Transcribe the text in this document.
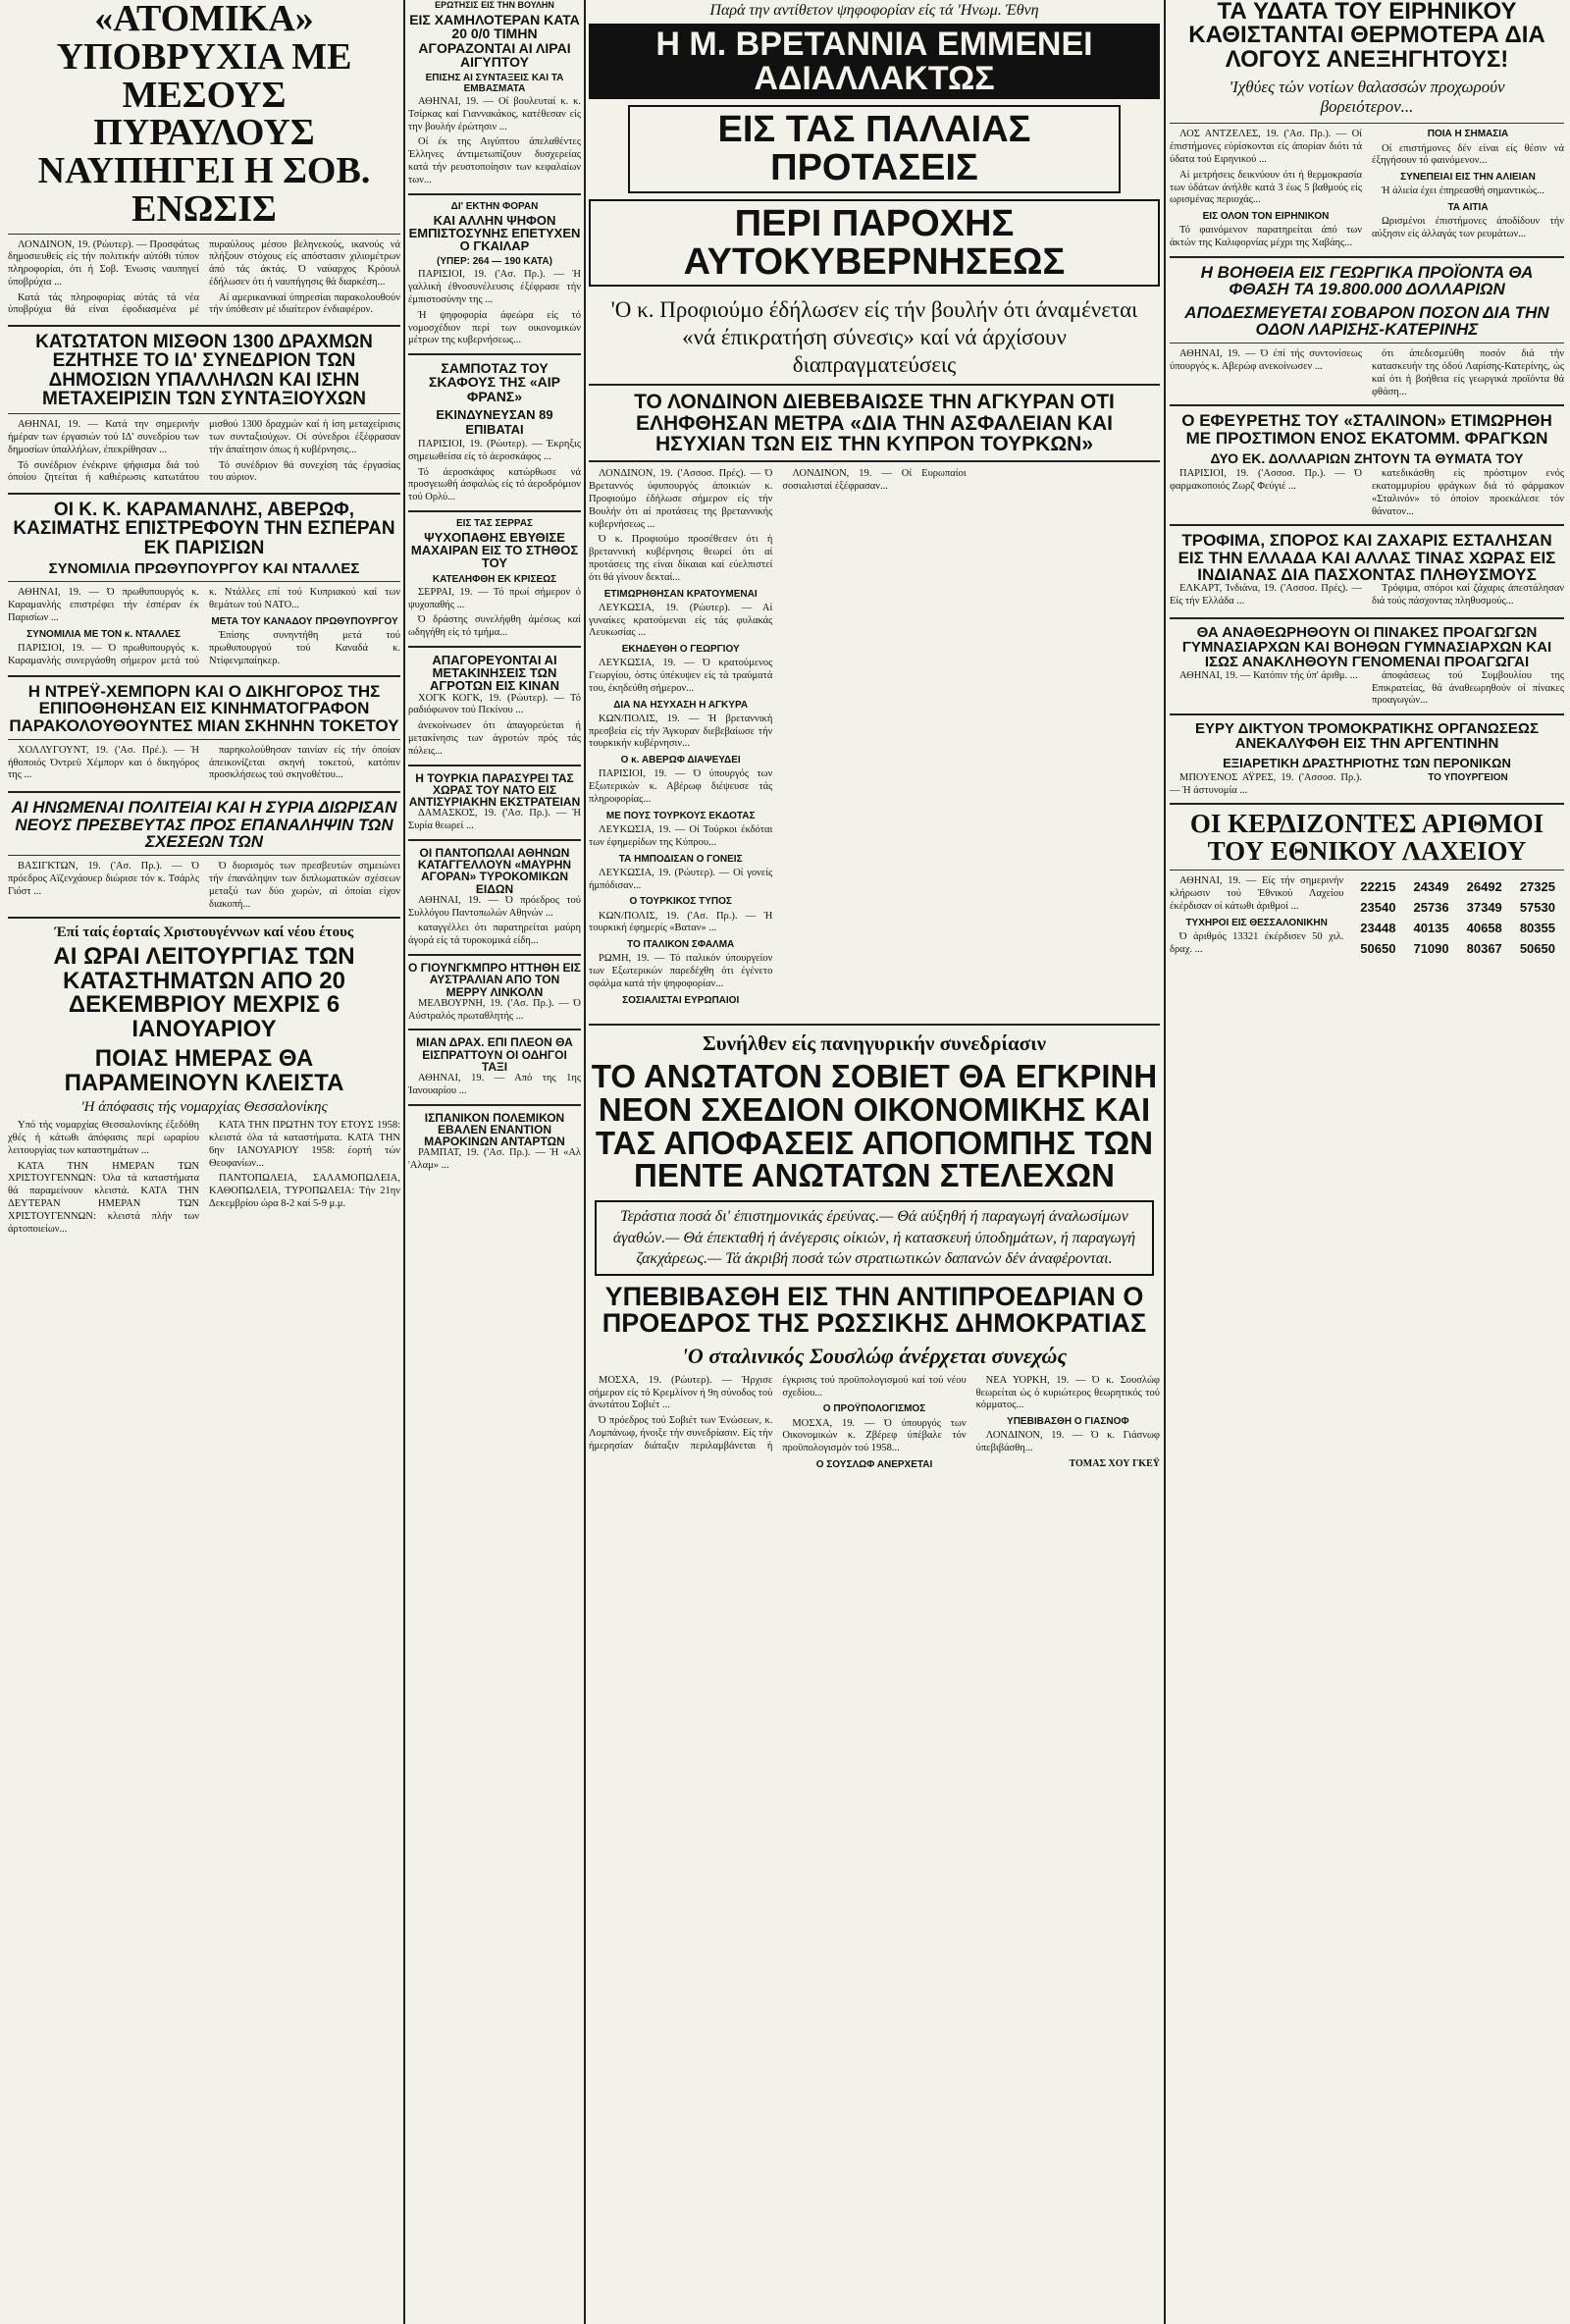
«ΑΤΟΜΙΚΑ» ΥΠΟΒΡΥΧΙΑ ΜΕ ΜΕΣΟΥΣ ΠΥΡΑΥΛΟΥΣ ΝΑΥΠΗΓΕΙ Η ΣΟΒ. ΕΝΩΣΙΣ

ΛΟΝΔΙΝΟΝ, 19. (Ρώυτερ). — Προσφάτως δημοσιευθείς είς τήν πολιτικήν αύτόθι τύπον πληροφορίαι, ότι ή Σοβ. Ένωσις ναυπηγεί ύποβρύχια ...

Κατά τάς πληροφορίας αύτάς τά νέα ύποβρύχια θά είναι έφοδιασμένα μέ πυραύλους μέσου βεληνεκούς, ικανούς νά πλήξουν στόχους είς απόστασιν χιλιομέτρων άπό τάς άκτάς. Ό ναύαρχος Κρόουλ έδήλωσεν ότι ή ναυπήγησις θά διαρκέση...

Αί αμερικανικαί ύπηρεσίαι παρακολουθούν τήν ύπόθεσιν μέ ιδιαίτερον ένδιαφέρον.

ΚΑΤΩΤΑΤΟΝ ΜΙΣΘΟΝ 1300 ΔΡΑΧΜΩΝ ΕΖΗΤΗΣΕ ΤΟ ΙΔ' ΣΥΝΕΔΡΙΟΝ ΤΩΝ ΔΗΜΟΣΙΩΝ ΥΠΑΛΛΗΛΩΝ ΚΑΙ ΙΣΗΝ ΜΕΤΑΧΕΙΡΙΣΙΝ ΤΩΝ ΣΥΝΤΑΞΙΟΥΧΩΝ

ΑΘΗΝΑΙ, 19. — Κατά την σημερινήν ήμέραν των έργασιών τού ΙΔ' συνεδρίου των δημοσίων ύπαλλήλων, έπεκρίθησαν ...

Τό συνέδριον ένέκρινε ψήφισμα διά τού όποίου ζητείται ή καθιέρωσις κατωτάτου μισθού 1300 δραχμών καί ή ίση μεταχείρισις των συνταξιούχων. Οί σύνεδροι έξέφρασαν τήν άπαίτησιν όπως ή κυβέρνησις...

Τό συνέδριον θά συνεχίση τάς έργασίας του αύριον.

ΟΙ Κ. Κ. ΚΑΡΑΜΑΝΛΗΣ, ΑΒΕΡΩΦ, ΚΑΣΙΜΑΤΗΣ ΕΠΙΣΤΡΕΦΟΥΝ ΤΗΝ ΕΣΠΕΡΑΝ ΕΚ ΠΑΡΙΣΙΩΝ
ΣΥΝΟΜΙΛΙΑ ΠΡΩΘΥΠΟΥΡΓΟΥ ΚΑΙ ΝΤΑΛΛΕΣ

ΑΘΗΝΑΙ, 19. — Ό πρωθυπουργός κ. Καραμανλής επιστρέφει τήν έσπέραν έκ Παρισίων ...

ΣΥΝΟΜΙΛΙΑ ΜΕ ΤΟΝ κ. ΝΤΑΛΛΕΣ

ΠΑΡΙΣΙΟΙ, 19. — Ό πρωθυπουργός κ. Καραμανλής συνεργάσθη σήμερον μετά τού κ. Ντάλλες επί τού Κυπριακού καί των θεμάτων τού ΝΑΤΟ...

ΜΕΤΑ ΤΟΥ ΚΑΝΑΔΟΥ ΠΡΩΘΥΠΟΥΡΓΟΥ

Έπίσης συνηντήθη μετά τού πρωθυπουργού τού Καναδά κ. Ντίφενμπαίηκερ.

Η ΝΤΡΕΫ-ΧΕΜΠΟΡΝ ΚΑΙ Ο ΔΙΚΗΓΟΡΟΣ ΤΗΣ ΕΠΙΠΟΘΗΘΗΣΑΝ ΕΙΣ ΚΙΝΗΜΑΤΟΓΡΑΦΟΝ ΠΑΡΑΚΟΛΟΥΘΟΥΝΤΕΣ ΜΙΑΝ ΣΚΗΝΗΝ ΤΟΚΕΤΟΥ

ΧΟΛΛΥΓΟΥΝΤ, 19. ('Ασ. Πρέ.). — Ή ήθοποιός Όντρεϋ Χέμπορν και ό δικηγόρος της ...

παρηκολούθησαν ταινίαν είς τήν όποίαν άπεικονίζεται σκηνή τοκετού, κατόπιν προσκλήσεως τού σκηνοθέτου...

ΑΙ ΗΝΩΜΕΝΑΙ ΠΟΛΙΤΕΙΑΙ ΚΑΙ Η ΣΥΡΙΑ ΔΙΩΡΙΣΑΝ ΝΕΟΥΣ ΠΡΕΣΒΕΥΤΑΣ ΠΡΟΣ ΕΠΑΝΑΛΗΨΙΝ ΤΩΝ ΣΧΕΣΕΩΝ ΤΩΝ

ΒΑΣΙΓΚΤΩΝ, 19. ('Ασ. Πρ.). — Ό πρόεδρος Αϊζενχάουερ διώρισε τόν κ. Τσάρλς Γιόστ ...

Ό διορισμός των πρεσβευτών σημειώνει τήν έπανάληψιν των διπλωματικών σχέσεων μεταξύ των δύο χωρών, αί όποίαι είχον διακοπή...

Έπί ταίς έορταίς Χριστουγέννων καί νέου έτους
ΑΙ ΩΡΑΙ ΛΕΙΤΟΥΡΓΙΑΣ ΤΩΝ ΚΑΤΑΣΤΗΜΑΤΩΝ ΑΠΟ 20 ΔΕΚΕΜΒΡΙΟΥ ΜΕΧΡΙΣ 6 ΙΑΝΟΥΑΡΙΟΥ
ΠΟΙΑΣ ΗΜΕΡΑΣ ΘΑ ΠΑΡΑΜΕΙΝΟΥΝ ΚΛΕΙΣΤΑ
'Η άπόφασις τής νομαρχίας Θεσσαλονίκης

Υπό τής νομαρχίας Θεσσαλονίκης έξεδόθη χθές ή κάτωθι άπόφασις περί ωραρίου λειτουργίας των καταστημάτων ...

ΚΑΤΑ ΤΗΝ ΗΜΕΡΑΝ ΤΩΝ ΧΡΙΣΤΟΥΓΕΝΝΩΝ: Όλα τά καταστήματα θά παραμείνουν κλειστά. ΚΑΤΑ ΤΗΝ ΔΕΥΤΕΡΑΝ ΗΜΕΡΑΝ ΤΩΝ ΧΡΙΣΤΟΥΓΕΝΝΩΝ: κλειστά πλήν των άρτοποιείων...

ΚΑΤΑ ΤΗΝ ΠΡΩΤΗΝ ΤΟΥ ΕΤΟΥΣ 1958: κλειστά όλα τά καταστήματα. ΚΑΤΑ ΤΗΝ 6ην ΙΑΝΟΥΑΡΙΟΥ 1958: έορτή τών Θεοφανίων...

ΠΑΝΤΟΠΩΛΕΙΑ, ΣΑΛΑΜΟΠΩΛΕΙΑ, ΚΑΘΟΠΩΛΕΙΑ, ΤΥΡΟΠΩΛΕΙΑ: Τήν 21ην Δεκεμβρίου ώρα 8-2 καί 5-9 μ.μ.

ΕΡΩΤΗΣΙΣ ΕΙΣ ΤΗΝ ΒΟΥΛΗΝ
ΕΙΣ ΧΑΜΗΛΟΤΕΡΑΝ ΚΑΤΑ 20 0/0 ΤΙΜΗΝ ΑΓΟΡΑΖΟΝΤΑΙ ΑΙ ΛΙΡΑΙ ΑΙΓΥΠΤΟΥ
ΕΠΙΣΗΣ ΑΙ ΣΥΝΤΑΞΕΙΣ ΚΑΙ ΤΑ ΕΜΒΑΣΜΑΤΑ

ΑΘΗΝΑΙ, 19. — Οί βουλευταί κ. κ. Τσίρκας καί Γιαννακάκος, κατέθεσαν είς την βουλήν έρώτησιν ...

Οί έκ της Αιγύπτου άπελαθέντες Έλληνες άντιμετωπίζουν δυσχερείας κατά τήν ρευστοποίησιν των κεφαλαίων των...

ΔΙ' ΕΚΤΗΝ ΦΟΡΑΝ
ΚΑΙ ΑΛΛΗΝ ΨΗΦΟΝ ΕΜΠΙΣΤΟΣΥΝΗΣ ΕΠΕΤΥΧΕΝ Ο ΓΚΑΙΛΑΡ
(ΥΠΕΡ: 264 — 190 ΚΑΤΑ)

ΠΑΡΙΣΙΟΙ, 19. ('Ασ. Πρ.). — Ή γαλλική έθνοσυνέλευσις έξέφρασε τήν έμπιστοσύνην της ...

Ή ψηφοφορία άφεώρα είς τό νομοσχέδιον περί των οικονομικών μέτρων της κυβερνήσεως...

ΣΑΜΠΟΤΑΖ ΤΟΥ ΣΚΑΦΟΥΣ ΤΗΣ «ΑΙΡ ΦΡΑΝΣ»
ΕΚΙΝΔΥΝΕΥΣΑΝ 89 ΕΠΙΒΑΤΑΙ

ΠΑΡΙΣΙΟΙ, 19. (Ρώυτερ). — Έκρηξις σημειωθείσα είς τό άεροσκάφος ...

Τό άεροσκάφος κατώρθωσε νά προσγειωθή άσφαλώς είς τό άεροδρόμιον τού Ορλύ...

ΕΙΣ ΤΑΣ ΣΕΡΡΑΣ
ΨΥΧΟΠΑΘΗΣ ΕΒΥΘΙΣΕ ΜΑΧΑΙΡΑΝ ΕΙΣ ΤΟ ΣΤΗΘΟΣ ΤΟΥ
ΚΑΤΕΛΗΦΘΗ ΕΚ ΚΡΙΣΕΩΣ

ΣΕΡΡΑΙ, 19. — Τό πρωί σήμερον ό ψυχοπαθής ...

Ό δράστης συνελήφθη άμέσως καί ωδηγήθη είς τό τμήμα...

ΑΠΑΓΟΡΕΥΟΝΤΑΙ ΑΙ ΜΕΤΑΚΙΝΗΣΕΙΣ ΤΩΝ ΑΓΡΟΤΩΝ ΕΙΣ ΚΙΝΑΝ

ΧΟΓΚ ΚΟΓΚ, 19. (Ρώυτερ). — Τό ραδιόφωνον τού Πεκίνου ...

άνεκοίνωσεν ότι άπαγορεύεται ή μετακίνησις των άγροτών πρός τάς πόλεις...

Η ΤΟΥΡΚΙΑ ΠΑΡΑΣΥΡΕΙ ΤΑΣ ΧΩΡΑΣ ΤΟΥ ΝΑΤΟ ΕΙΣ ΑΝΤΙΣΥΡΙΑΚΗΝ ΕΚΣΤΡΑΤΕΙΑΝ

ΔΑΜΑΣΚΟΣ, 19. ('Ασ. Πρ.). — Ή Συρία θεωρεί ...

ΟΙ ΠΑΝΤΟΠΩΛΑΙ ΑΘΗΝΩΝ ΚΑΤΑΓΓΕΛΛΟΥΝ «ΜΑΥΡΗΝ ΑΓΟΡΑΝ» ΤΥΡΟΚΟΜΙΚΩΝ ΕΙΔΩΝ

ΑΘΗΝΑΙ, 19. — Ό πρόεδρος τού Συλλόγου Παντοπωλών Αθηνών ...

καταγγέλλει ότι παρατηρείται μαύρη άγορά είς τά τυροκομικά είδη...

Ο ΓΙΟΥΝΓΚΜΠΡΟ ΗΤΤΗΘΗ ΕΙΣ ΑΥΣΤΡΑΛΙΑΝ ΑΠΟ ΤΟΝ ΜΕΡΡΥ ΛΙΝΚΟΛΝ

ΜΕΛΒΟΥΡΝΗ, 19. ('Ασ. Πρ.). — Ό Αύστραλός πρωταθλητής ...

ΜΙΑΝ ΔΡΑΧ. ΕΠΙ ΠΛΕΟΝ ΘΑ ΕΙΣΠΡΑΤΤΟΥΝ ΟΙ ΟΔΗΓΟΙ ΤΑΞΙ

ΑΘΗΝΑΙ, 19. — Από της 1ης Ίανουαρίου ...

ΙΣΠΑΝΙΚΟΝ ΠΟΛΕΜΙΚΟΝ ΕΒΑΛΕΝ ΕΝΑΝΤΙΟΝ ΜΑΡΟΚΙΝΩΝ ΑΝΤΑΡΤΩΝ

ΡΑΜΠΑΤ, 19. ('Ασ. Πρ.). — Ή «Αλ 'Αλαμ» ...

Παρά την αντίθετον ψηφοφορίαν είς τά 'Ηνωμ. Έθνη
Η Μ. ΒΡΕΤΑΝΝΙΑ ΕΜΜΕΝΕΙ ΑΔΙΑΛΛΑΚΤΩΣ
ΕΙΣ ΤΑΣ ΠΑΛΑΙΑΣ ΠΡΟΤΑΣΕΙΣ
ΠΕΡΙ ΠΑΡΟΧΗΣ ΑΥΤΟΚΥΒΕΡΝΗΣΕΩΣ
'Ο κ. Προφιούμο έδήλωσεν είς τήν βουλήν ότι άναμένεται «νά έπικρατήση σύνεσις» καί νά άρχίσουν διαπραγματεύσεις
ΤΟ ΛΟΝΔΙΝΟΝ ΔΙΕΒΕΒΑΙΩΣΕ ΤΗΝ ΑΓΚΥΡΑΝ ΟΤΙ ΕΛΗΦΘΗΣΑΝ ΜΕΤΡΑ «ΔΙΑ ΤΗΝ ΑΣΦΑΛΕΙΑΝ ΚΑΙ ΗΣΥΧΙΑΝ ΤΩΝ ΕΙΣ ΤΗΝ ΚΥΠΡΟΝ ΤΟΥΡΚΩΝ»

ΛΟΝΔΙΝΟΝ, 19. ('Ασσοσ. Πρές). — Ό Βρεταννός ύφυπουργός άποικιών κ. Προφιούμο έδήλωσε σήμερον είς τήν Βουλήν ότι αί προτάσεις της βρεταννικής κυβερνήσεως ...

Ό κ. Προφιούμο προσέθεσεν ότι ή βρεταννική κυβέρνησις θεωρεί ότι αί προτάσεις της είναι δίκαιαι καί εύελπιστεί ότι θά γίνουν δεκταί...

ΕΤΙΜΩΡΗΘΗΣΑΝ ΚΡΑΤΟΥΜΕΝΑΙ

ΛΕΥΚΩΣΙΑ, 19. (Ρώυτερ). — Αί γυναίκες κρατούμεναι είς τάς φυλακάς Λευκωσίας ...

ΕΚΗΔΕΥΘΗ Ο ΓΕΩΡΓΙΟΥ

ΛΕΥΚΩΣΙΑ, 19. — Ό κρατούμενος Γεωργίου, όστις ύπέκυψεν είς τά τραύματά του, έκηδεύθη σήμερον...

ΔΙΑ ΝΑ ΗΣΥΧΑΣΗ Η ΑΓΚΥΡΑ

ΚΩΝ/ΠΟΛΙΣ, 19. — Ή βρεταννική πρεσβεία είς τήν Άγκυραν διεβεβαίωσε τήν τουρκικήν κυβέρνησιν...

Ο κ. ΑΒΕΡΩΦ ΔΙΑΨΕΥΔΕΙ

ΠΑΡΙΣΙΟΙ, 19. — Ό ύπουργός των Εξωτερικών κ. Αβέρωφ διέψευσε τάς πληροφορίας...

ΜΕ ΠΟΥΣ ΤΟΥΡΚΟΥΣ ΕΚΔΟΤΑΣ

ΛΕΥΚΩΣΙΑ, 19. — Οί Τούρκοι έκδόται των έφημερίδων της Κύπρου...

ΤΑ ΗΜΠΟΔΙΣΑΝ Ο ΓΟΝΕΙΣ

ΛΕΥΚΩΣΙΑ, 19. (Ρώυτερ). — Οί γονείς ήμπόδισαν...

Ο ΤΟΥΡΚΙΚΟΣ ΤΥΠΟΣ

ΚΩΝ/ΠΟΛΙΣ, 19. ('Ασ. Πρ.). — Ή τουρκική έφημερίς «Βαταν» ...

ΤΟ ΙΤΑΛΙΚΟΝ ΣΦΑΛΜΑ

ΡΩΜΗ, 19. — Τό ιταλικόν ύπουργείον των Εξωτερικών παρεδέχθη ότι έγένετο σφάλμα κατά τήν ψηφοφορίαν...

ΣΟΣΙΑΛΙΣΤΑΙ ΕΥΡΩΠΑΙΟΙ

ΛΟΝΔΙΝΟΝ, 19. — Οί Ευρωπαίοι σοσιαλισταί έξέφρασαν...

Συνήλθεν είς πανηγυρικήν συνεδρίασιν
ΤΟ ΑΝΩΤΑΤΟΝ ΣΟΒΙΕΤ ΘΑ ΕΓΚΡΙΝΗ ΝΕΟΝ ΣΧΕΔΙΟΝ ΟΙΚΟΝΟΜΙΚΗΣ ΚΑΙ ΤΑΣ ΑΠΟΦΑΣΕΙΣ ΑΠΟΠΟΜΠΗΣ ΤΩΝ ΠΕΝΤΕ ΑΝΩΤΑΤΩΝ ΣΤΕΛΕΧΩΝ
Τεράστια ποσά δι' έπιστημονικάς έρεύνας.— Θά αύξηθή ή παραγωγή άναλωσίμων άγαθών.— Θά έπεκταθή ή άνέγερσις οίκιών, ή κατασκευή ύποδημάτων, ή παραγωγή ζακχάρεως.— Τά άκριβή ποσά τών στρατιωτικών δαπανών δέν άναφέρονται.
ΥΠΕΒΙΒΑΣΘΗ ΕΙΣ ΤΗΝ ΑΝΤΙΠΡΟΕΔΡΙΑΝ Ο ΠΡΟΕΔΡΟΣ ΤΗΣ ΡΩΣΣΙΚΗΣ ΔΗΜΟΚΡΑΤΙΑΣ
'Ο σταλινικός Σουσλώφ άνέρχεται συνεχώς

ΜΟΣΧΑ, 19. (Ρώυτερ). — Ήρχισε σήμερον είς τό Κρεμλίνον ή 9η σύνοδος τού άνωτάτου Σοβιέτ ...

Ό πρόεδρος τού Σοβιέτ των Ένώσεων, κ. Λομπάνωφ, ήνοιξε τήν συνεδρίασιν. Είς τήν ήμερησίαν διάταξιν περιλαμβάνεται ή έγκρισις τού προϋπολογισμού καί τού νέου σχεδίου...

Ο ΠΡΟΫΠΟΛΟΓΙΣΜΟΣ

ΜΟΣΧΑ, 19. — Ό ύπουργός των Οικονομικών κ. Ζβέρεφ ύπέβαλε τόν προϋπολογισμόν τού 1958...

Ο ΣΟΥΣΛΩΦ ΑΝΕΡΧΕΤΑΙ

ΝΕΑ ΥΟΡΚΗ, 19. — Ό κ. Σουσλώφ θεωρείται ώς ό κυριώτερος θεωρητικός τού κόμματος...

ΥΠΕΒΙΒΑΣΘΗ Ο ΓΙΑΣΝΟΦ

ΛΟΝΔΙΝΟΝ, 19. — Ό κ. Γιάσνωφ ύπεβιβάσθη...

ΤΟΜΑΣ ΧΟΥ ΓΚΕΫ
ΤΑ ΥΔΑΤΑ ΤΟΥ ΕΙΡΗΝΙΚΟΥ ΚΑΘΙΣΤΑΝΤΑΙ ΘΕΡΜΟΤΕΡΑ ΔΙΑ ΛΟΓΟΥΣ ΑΝΕΞΗΓΗΤΟΥΣ!
'Ιχθύες τών νοτίων θαλασσών προχωρούν βορειότερον...

ΛΟΣ ΑΝΤΖΕΛΕΣ, 19. ('Ασ. Πρ.). — Οί έπιστήμονες εύρίσκονται είς άπορίαν διότι τά ύδατα τού Ειρηνικού ...

Αί μετρήσεις δεικνύουν ότι ή θερμοκρασία των ύδάτων άνήλθε κατά 3 έως 5 βαθμούς είς ωρισμένας περιοχάς...

ΕΙΣ ΟΛΟΝ ΤΟΝ ΕΙΡΗΝΙΚΟΝ

Τό φαινόμενον παρατηρείται άπό των άκτών της Καλιφορνίας μέχρι της Χαβάης...

ΠΟΙΑ Η ΣΗΜΑΣΙΑ

Οί επιστήμονες δέν είναι είς θέσιν νά έξηγήσουν τό φαινόμενον...

ΣΥΝΕΠΕΙΑΙ ΕΙΣ ΤΗΝ ΑΛΙΕΙΑΝ

Ή άλιεία έχει έπηρεασθή σημαντικώς...

ΤΑ ΑΙΤΙΑ

Ωρισμένοι έπιστήμονες άποδίδουν τήν αύξησιν είς άλλαγάς των ρευμάτων...

Η ΒΟΗΘΕΙΑ ΕΙΣ ΓΕΩΡΓΙΚΑ ΠΡΟΪΟΝΤΑ ΘΑ ΦΘΑΣΗ ΤΑ 19.800.000 ΔΟΛΛΑΡΙΩΝ
ΑΠΟΔΕΣΜΕΥΕΤΑΙ ΣΟΒΑΡΟΝ ΠΟΣΟΝ ΔΙΑ ΤΗΝ ΟΔΟΝ ΛΑΡΙΣΗΣ-ΚΑΤΕΡΙΝΗΣ

ΑΘΗΝΑΙ, 19. — Ό έπί τής συντονίσεως ύπουργός κ. Αβερώφ ανεκοίνωσεν ...

ότι άπεδεσμεύθη ποσόν διά τήν κατασκευήν της όδού Λαρίσης-Κατερίνης, ώς καί ότι ή βοήθεια είς γεωργικά προϊόντα θά φθάση...

Ο ΕΦΕΥΡΕΤΗΣ ΤΟΥ «ΣΤΑΛΙΝΟΝ» ΕΤΙΜΩΡΗΘΗ ΜΕ ΠΡΟΣΤΙΜΟΝ ΕΝΟΣ ΕΚΑΤΟΜΜ. ΦΡΑΓΚΩΝ
ΔΥΟ ΕΚ. ΔΟΛΛΑΡΙΩΝ ΖΗΤΟΥΝ ΤΑ ΘΥΜΑΤΑ ΤΟΥ

ΠΑΡΙΣΙΟΙ, 19. ('Ασσοσ. Πρ.). — Ό φαρμακοποιός Ζωρζ Φεύγιέ ...

κατεδικάσθη είς πρόστιμον ενός εκατομμυρίου φράγκων διά τό φάρμακον «Σταλινόν» τό όποίον προεκάλεσε τόν θάνατον...

ΤΡΟΦΙΜΑ, ΣΠΟΡΟΣ ΚΑΙ ΖΑΧΑΡΙΣ ΕΣΤΑΛΗΣΑΝ ΕΙΣ ΤΗΝ ΕΛΛΑΔΑ ΚΑΙ ΑΛΛΑΣ ΤΙΝΑΣ ΧΩΡΑΣ ΕΙΣ ΙΝΔΙΑΝΑΣ ΔΙΑ ΠΑΣΧΟΝΤΑΣ ΠΛΗΘΥΣΜΟΥΣ

ΕΛΚΑΡΤ, Ίνδιάνα, 19. ('Ασσοσ. Πρές). — Είς τήν Ελλάδα ...

Τρόφιμα, σπόροι καί ζάχαρις άπεστάλησαν διά τούς πάσχοντας πληθυσμούς...

ΘΑ ΑΝΑΘΕΩΡΗΘΟΥΝ ΟΙ ΠΙΝΑΚΕΣ ΠΡΟΑΓΩΓΩΝ ΓΥΜΝΑΣΙΑΡΧΩΝ ΚΑΙ ΒΟΗΘΩΝ ΓΥΜΝΑΣΙΑΡΧΩΝ ΚΑΙ ΙΣΩΣ ΑΝΑΚΛΗΘΟΥΝ ΓΕΝΟΜΕΝΑΙ ΠΡΟΑΓΩΓΑΙ

ΑΘΗΝΑΙ, 19. — Κατόπιν τής ύπ' άριθμ. ...	άποφάσεως τού Συμβουλίου της Επικρατείας, θά άναθεωρηθούν οί πίνακες προαγωγών...

ΕΥΡΥ ΔΙΚΤΥΟΝ ΤΡΟΜΟΚΡΑΤΙΚΗΣ ΟΡΓΑΝΩΣΕΩΣ ΑΝΕΚΑΛΥΦΘΗ ΕΙΣ ΤΗΝ ΑΡΓΕΝΤΙΝΗΝ
ΕΞΙΑΡΕΤΙΚΗ ΔΡΑΣΤΗΡΙΟΤΗΣ ΤΩΝ ΠΕΡΟΝΙΚΩΝ

ΜΠΟΥΕΝΟΣ ΑΫΡΕΣ, 19. ('Ασσοσ. Πρ.). — Ή άστυνομία ...

ΤΟ ΥΠΟΥΡΓΕΙΟΝ
ΟΙ ΚΕΡΔΙΖΟΝΤΕΣ ΑΡΙΘΜΟΙ ΤΟΥ ΕΘΝΙΚΟΥ ΛΑΧΕΙΟΥ

ΑΘΗΝΑΙ, 19. — Είς τήν σημερινήν κλήρωσιν τού Έθνικού Λαχείου έκέρδισαν οί κάτωθι άριθμοί ...

ΤΥΧΗΡΟΙ ΕΙΣ ΘΕΣΣΑΛΟΝΙΚΗΝ

Ό άριθμός 13321 έκέρδισεν 50 χιλ. δραχ. ...

22215	24349	26492	27325
23540	25736	37349	57530
23448	40135	40658	80355
50650	71090	80367	50650
